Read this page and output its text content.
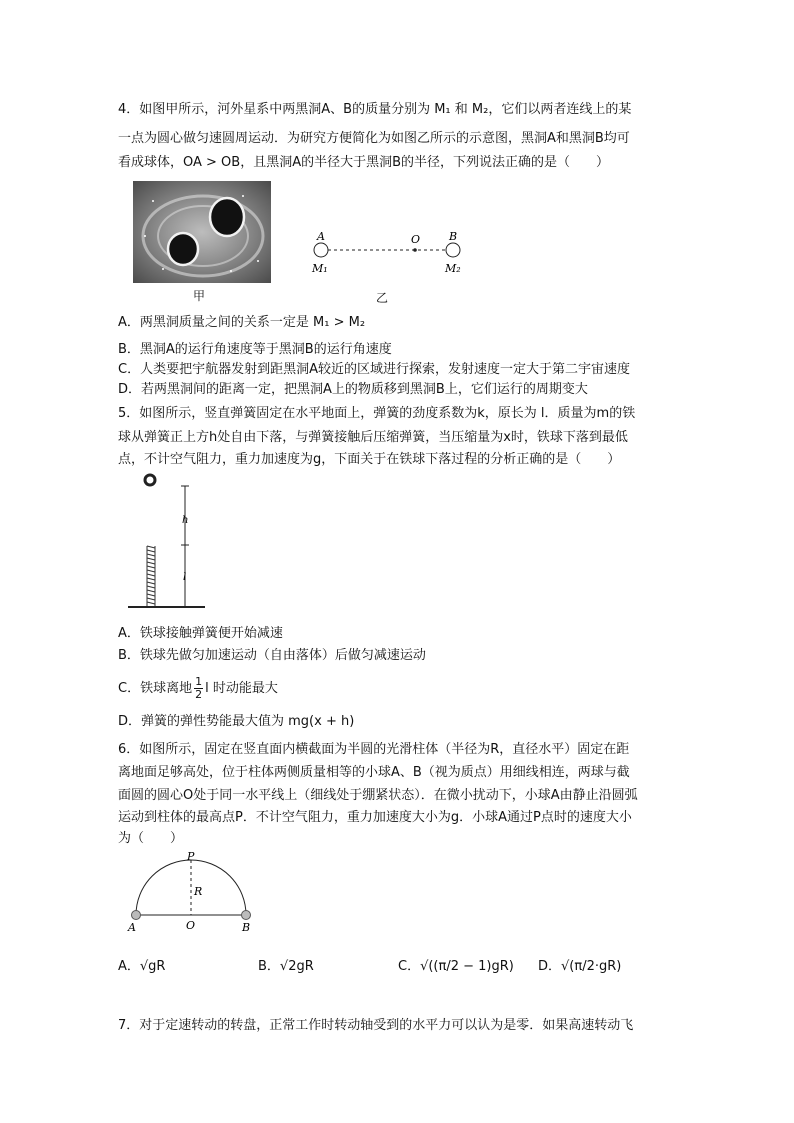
4．如图甲所示，河外星系中两黑洞A、B的质量分别为 M₁ 和 M₂，它们以两者连线上的某
一点为圆心做匀速圆周运动．为研究方便简化为如图乙所示的示意图，黑洞A和黑洞B均可
看成球体，OA > OB，且黑洞A的半径大于黑洞B的半径，下列说法正确的是（　　）
甲
A	O	B
M₁	M₂
乙
A．两黑洞质量之间的关系一定是 M₁ > M₂
B．黑洞A的运行角速度等于黑洞B的运行角速度
C．人类要把宇航器发射到距黑洞A较近的区域进行探索，发射速度一定大于第二宇宙速度
D．若两黑洞间的距离一定，把黑洞A上的物质移到黑洞B上，它们运行的周期变大
5．如图所示，竖直弹簧固定在水平地面上，弹簧的劲度系数为k，原长为 l．质量为m的铁
球从弹簧正上方h处自由下落，与弹簧接触后压缩弹簧，当压缩量为x时，铁球下落到最低
点，不计空气阻力，重力加速度为g，下面关于在铁球下落过程的分析正确的是（　　）
h
l
A．铁球接触弹簧便开始减速
B．铁球先做匀加速运动（自由落体）后做匀减速运动
C．铁球离地 $\frac{1}{2}$ l 时动能最大
D．弹簧的弹性势能最大值为 mg(x + h)
6．如图所示，固定在竖直面内横截面为半圆的光滑柱体（半径为R，直径水平）固定在距
离地面足够高处，位于柱体两侧质量相等的小球A、B（视为质点）用细线相连，两球与截
面圆的圆心O处于同一水平线上（细线处于绷紧状态）．在微小扰动下，小球A由静止沿圆弧
运动到柱体的最高点P．不计空气阻力，重力加速度大小为g．小球A通过P点时的速度大小
为（　　）
P
R
A	O	B
A．√gR	B．√2gR	C．√((π/2 − 1)gR) D．√(π/2·gR)
7．对于定速转动的转盘，正常工作时转动轴受到的水平力可以认为是零．如果高速转动飞
